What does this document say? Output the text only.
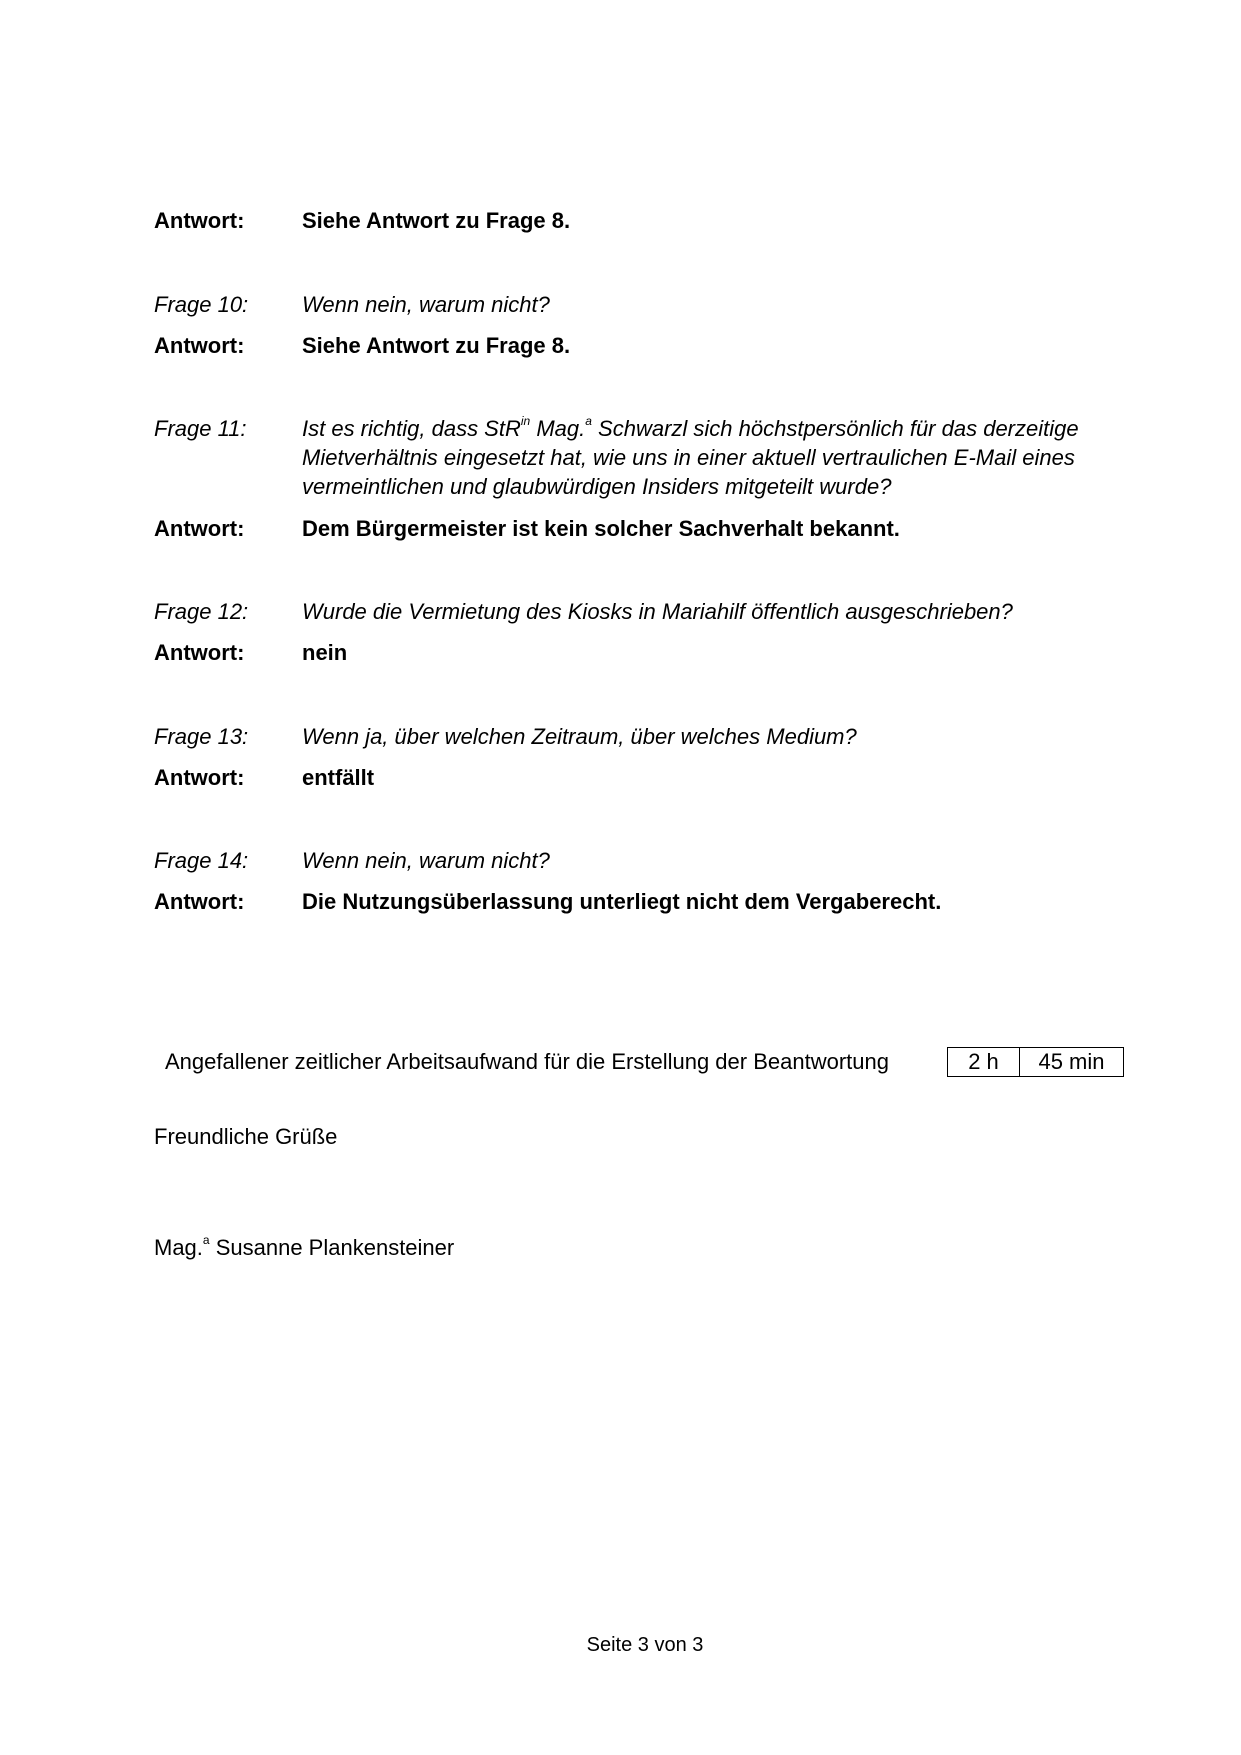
Antwort:	Siehe Antwort zu Frage 8.
Frage 10:	Wenn nein, warum nicht?
Antwort:	Siehe Antwort zu Frage 8.
Frage 11:	Ist es richtig, dass StR$^{in}$ Mag.$^a$ Schwarzl sich höchstpersönlich für das derzeitige Mietverhältnis eingesetzt hat, wie uns in einer aktuell vertraulichen E-Mail eines vermeintlichen und glaubwürdigen Insiders mitgeteilt wurde?
Antwort:	Dem Bürgermeister ist kein solcher Sachverhalt bekannt.
Frage 12:	Wurde die Vermietung des Kiosks in Mariahilf öffentlich ausgeschrieben?
Antwort:	nein
Frage 13:	Wenn ja, über welchen Zeitraum, über welches Medium?
Antwort:	entfällt
Frage 14:	Wenn nein, warum nicht?
Antwort:	Die Nutzungsüberlassung unterliegt nicht dem Vergaberecht.
Angefallener zeitlicher Arbeitsaufwand für die Erstellung der Beantwortung	2 h	45 min
Freundliche Grüße
Mag.$^a$ Susanne Plankensteiner
Seite 3 von 3
